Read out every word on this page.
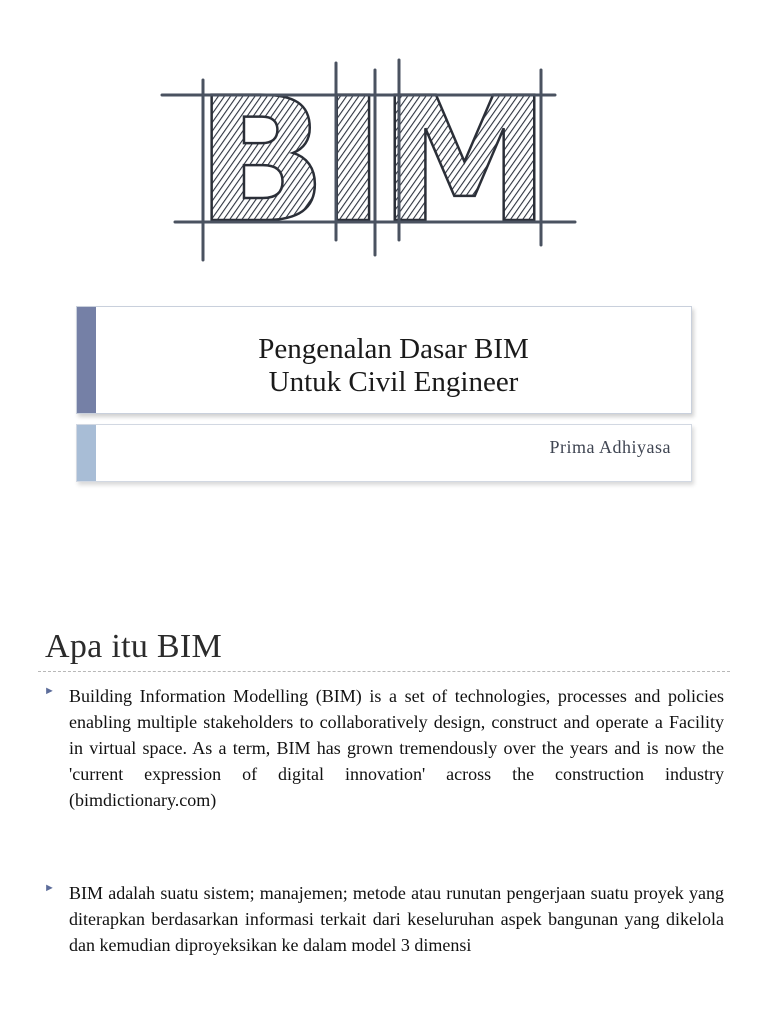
BIM
Pengenalan Dasar BIM
Untuk Civil Engineer
Prima Adhiyasa
Apa itu BIM
► Building Information Modelling (BIM) is a set of technologies, processes and policies enabling multiple stakeholders to collaboratively design, construct and operate a Facility in virtual space. As a term, BIM has grown tremendously over the years and is now the 'current expression of digital innovation' across the construction industry (bimdictionary.com)
► BIM adalah suatu sistem; manajemen; metode atau runutan pengerjaan suatu proyek yang diterapkan berdasarkan informasi terkait dari keseluruhan aspek bangunan yang dikelola dan kemudian diproyeksikan ke dalam model 3 dimensi
